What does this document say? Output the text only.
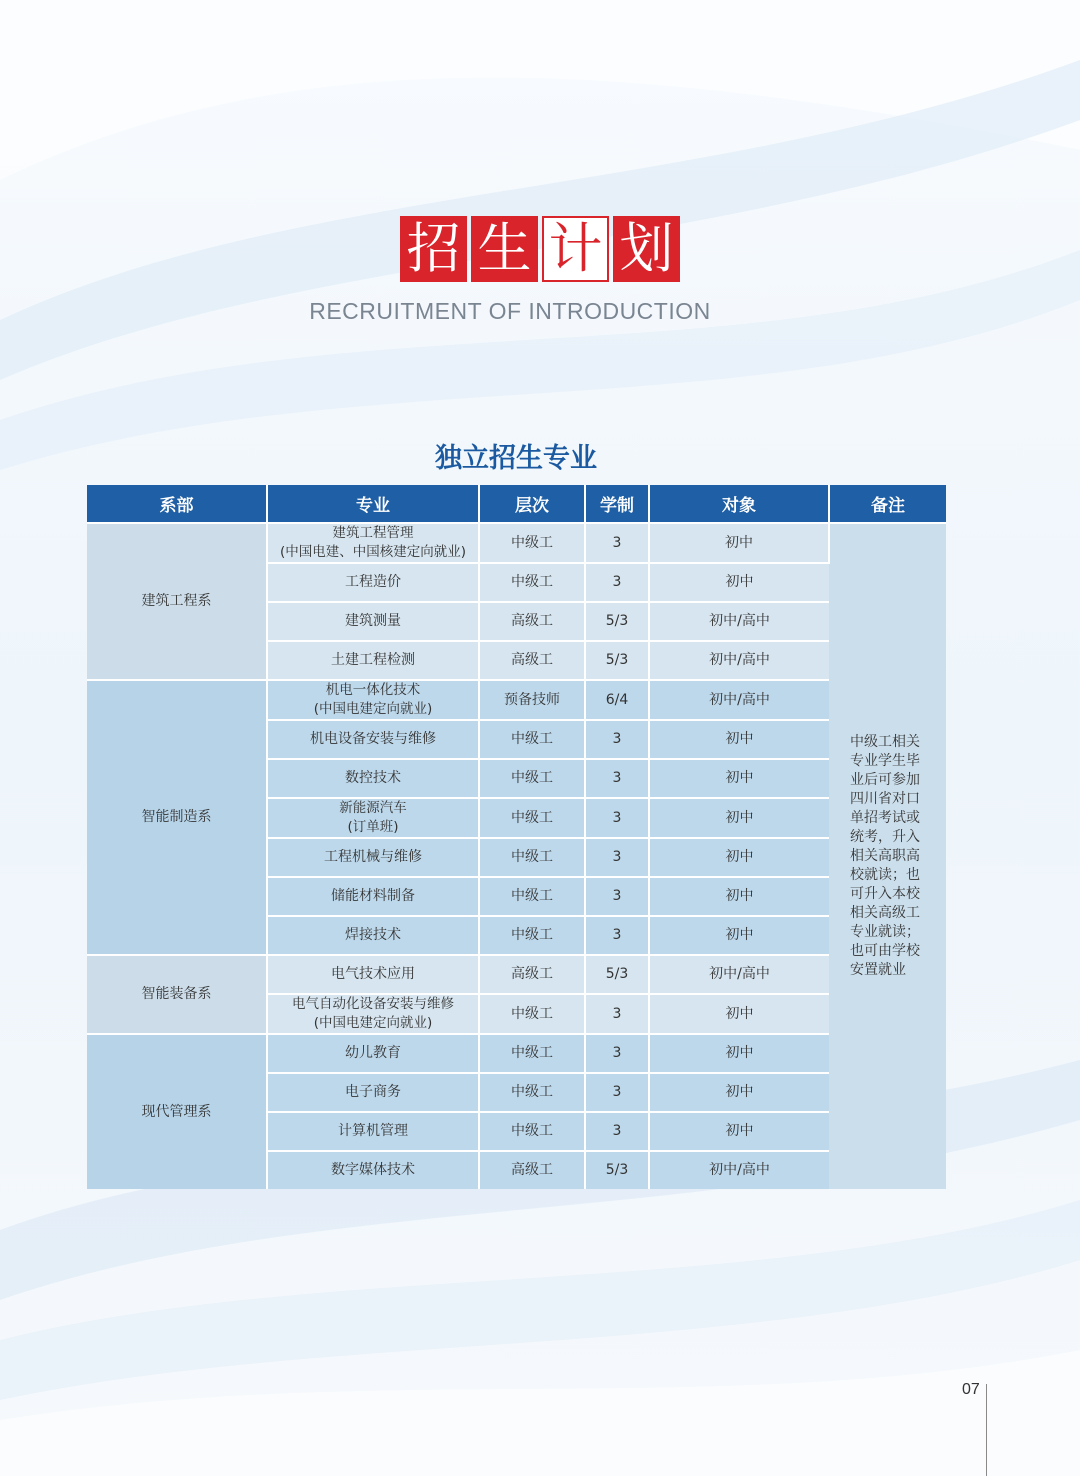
招 生 计 划
RECRUITMENT OF INTRODUCTION
独立招生专业
系部	专业	层次	学制	对象	备注
建筑工程系	建筑工程管理
(中国电建、中国核建定向就业)	中级工	3	初中	中级工相关专业学生毕业后可参加四川省对口单招考试或统考，升入相关高职高校就读；也可升入本校相关高级工专业就读；也可由学校安置就业
	工程造价	中级工	3	初中	
	建筑测量	高级工	5/3	初中/高中	
	土建工程检测	高级工	5/3	初中/高中	
智能制造系	机电一体化技术
(中国电建定向就业)	预备技师	6/4	初中/高中	
	机电设备安装与维修	中级工	3	初中	
	数控技术	中级工	3	初中	
	新能源汽车
(订单班)	中级工	3	初中	
	工程机械与维修	中级工	3	初中	
	储能材料制备	中级工	3	初中	
	焊接技术	中级工	3	初中	
智能装备系	电气技术应用	高级工	5/3	初中/高中	
	电气自动化设备安装与维修
(中国电建定向就业)	中级工	3	初中	
现代管理系	幼儿教育	中级工	3	初中	
	电子商务	中级工	3	初中	
	计算机管理	中级工	3	初中	
	数字媒体技术	高级工	5/3	初中/高中	
07
